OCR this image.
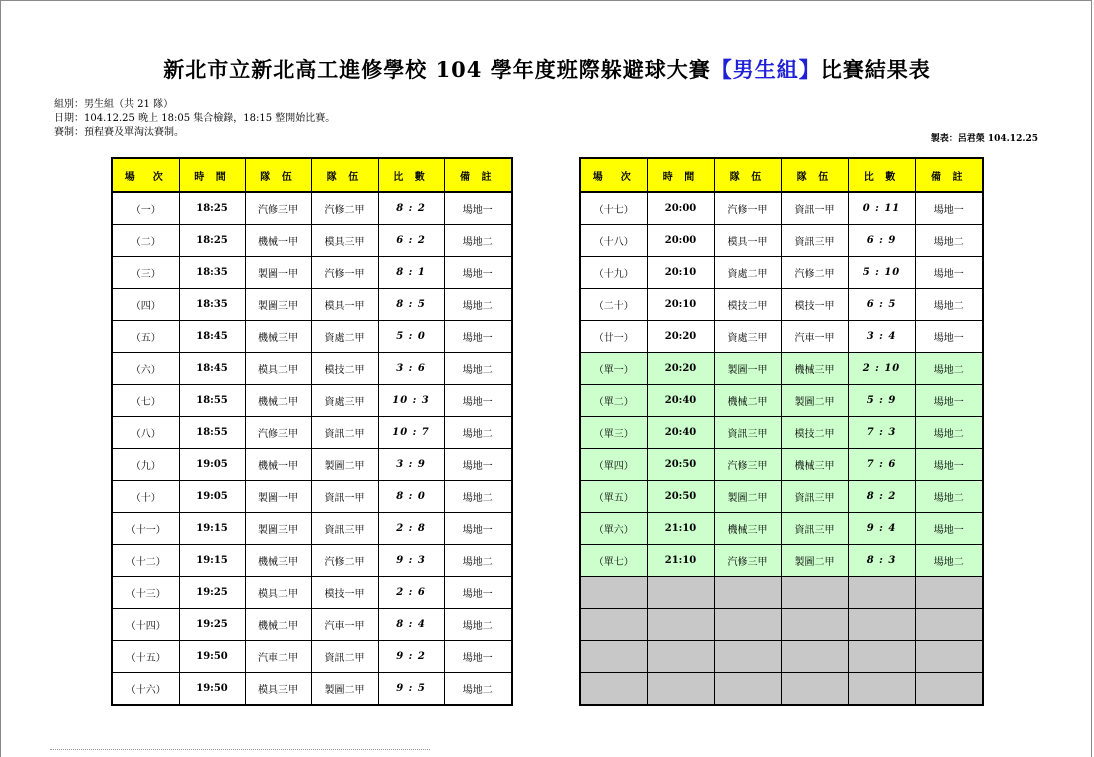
新北市立新北高工進修學校 104 學年度班際躲避球大賽【男生組】比賽結果表
組別：男生組（共 21 隊）
日期：104.12.25 晚上 18:05 集合檢錄，18:15 整開始比賽。
賽制：預程賽及單淘汰賽制。
製表：呂君榮 104.12.25
場　次	時 間	隊 伍	隊 伍	比 數	備 註
（一）	18:25	汽修三甲	汽修二甲	8 : 2	場地一
（二）	18:25	機械一甲	模具三甲	6 : 2	場地二
（三）	18:35	製圖一甲	汽修一甲	8 : 1	場地一
（四）	18:35	製圖三甲	模具一甲	8 : 5	場地二
（五）	18:45	機械三甲	資處二甲	5 : 0	場地一
（六）	18:45	模具二甲	模技二甲	3 : 6	場地二
（七）	18:55	機械二甲	資處三甲	10 : 3	場地一
（八）	18:55	汽修三甲	資訊二甲	10 : 7	場地二
（九）	19:05	機械一甲	製圖二甲	3 : 9	場地一
（十）	19:05	製圖一甲	資訊一甲	8 : 0	場地二
（十一）	19:15	製圖三甲	資訊三甲	2 : 8	場地一
（十二）	19:15	機械三甲	汽修二甲	9 : 3	場地二
（十三）	19:25	模具二甲	模技一甲	2 : 6	場地一
（十四）	19:25	機械二甲	汽車一甲	8 : 4	場地二
（十五）	19:50	汽車二甲	資訊二甲	9 : 2	場地一
（十六）	19:50	模具三甲	製圖二甲	9 : 5	場地二
場　次	時 間	隊 伍	隊 伍	比 數	備 註
（十七）	20:00	汽修一甲	資訊一甲	0 : 11	場地一
（十八）	20:00	模具一甲	資訊三甲	6 : 9	場地二
（十九）	20:10	資處二甲	汽修二甲	5 : 10	場地一
（二十）	20:10	模技二甲	模技一甲	6 : 5	場地二
（廿一）	20:20	資處三甲	汽車一甲	3 : 4	場地一
（單一）	20:20	製圖一甲	機械三甲	2 : 10	場地二
（單二）	20:40	機械二甲	製圖二甲	5 : 9	場地一
（單三）	20:40	資訊三甲	模技二甲	7 : 3	場地二
（單四）	20:50	汽修三甲	機械三甲	7 : 6	場地一
（單五）	20:50	製圖二甲	資訊三甲	8 : 2	場地二
（單六）	21:10	機械三甲	資訊三甲	9 : 4	場地一
（單七）	21:10	汽修三甲	製圖二甲	8 : 3	場地二
